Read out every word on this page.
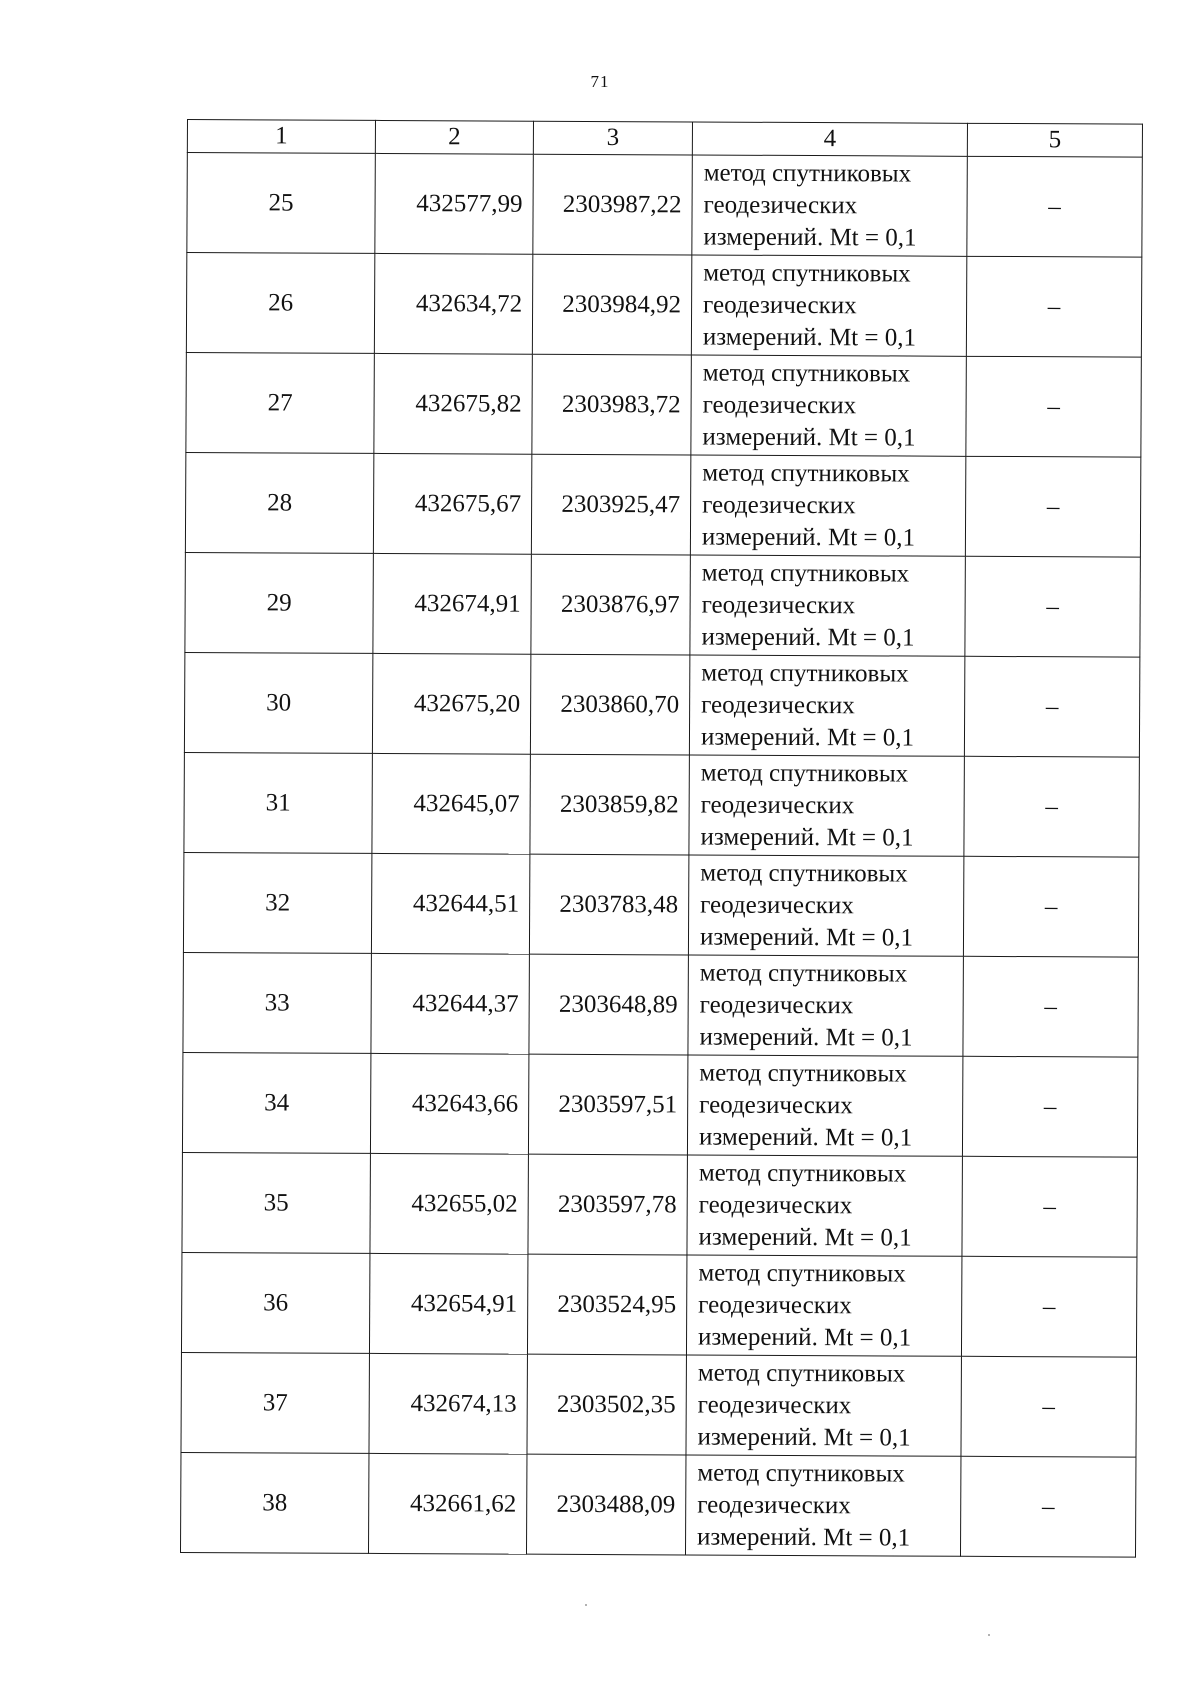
71
1	2	3	4	5
25	432577,99	2303987,22	метод спутниковых
геодезических
измерений. Mt = 0,1	–
26	432634,72	2303984,92	метод спутниковых
геодезических
измерений. Mt = 0,1	–
27	432675,82	2303983,72	метод спутниковых
геодезических
измерений. Mt = 0,1	–
28	432675,67	2303925,47	метод спутниковых
геодезических
измерений. Mt = 0,1	–
29	432674,91	2303876,97	метод спутниковых
геодезических
измерений. Mt = 0,1	–
30	432675,20	2303860,70	метод спутниковых
геодезических
измерений. Mt = 0,1	–
31	432645,07	2303859,82	метод спутниковых
геодезических
измерений. Mt = 0,1	–
32	432644,51	2303783,48	метод спутниковых
геодезических
измерений. Mt = 0,1	–
33	432644,37	2303648,89	метод спутниковых
геодезических
измерений. Mt = 0,1	–
34	432643,66	2303597,51	метод спутниковых
геодезических
измерений. Mt = 0,1	–
35	432655,02	2303597,78	метод спутниковых
геодезических
измерений. Mt = 0,1	–
36	432654,91	2303524,95	метод спутниковых
геодезических
измерений. Mt = 0,1	–
37	432674,13	2303502,35	метод спутниковых
геодезических
измерений. Mt = 0,1	–
38	432661,62	2303488,09	метод спутниковых
геодезических
измерений. Mt = 0,1	–
